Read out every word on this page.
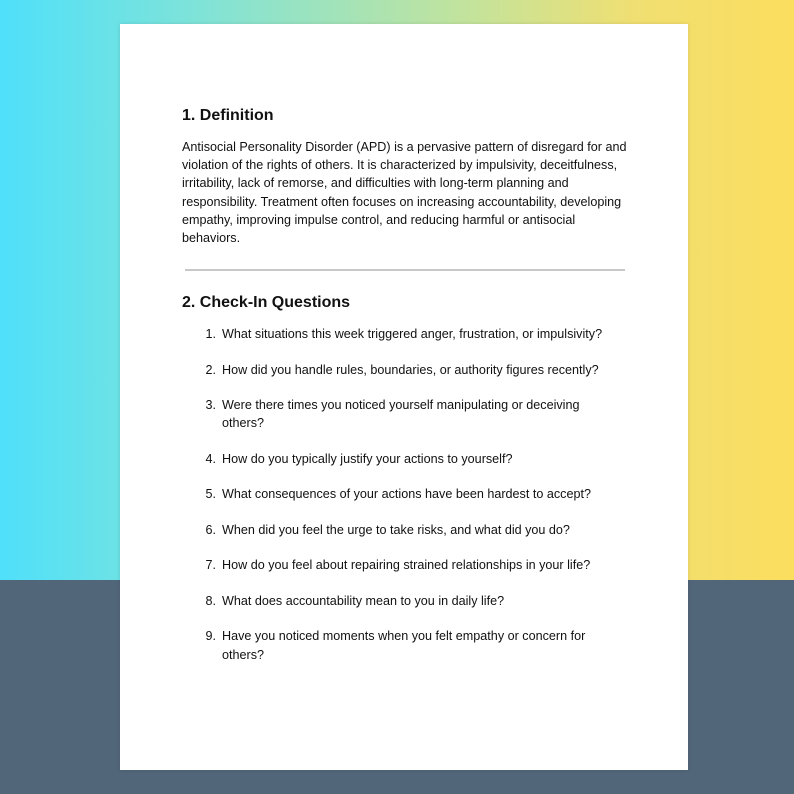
1. Definition

Antisocial Personality Disorder (APD) is a pervasive pattern of disregard for and violation of the rights of others. It is characterized by impulsivity, deceitfulness, irritability, lack of remorse, and difficulties with long-term planning and responsibility. Treatment often focuses on increasing accountability, developing empathy, improving impulse control, and reducing harmful or antisocial behaviors.

2. Check-In Questions
1. What situations this week triggered anger, frustration, or impulsivity?
2. How did you handle rules, boundaries, or authority figures recently?
3. Were there times you noticed yourself manipulating or deceiving others?
4. How do you typically justify your actions to yourself?
5. What consequences of your actions have been hardest to accept?
6. When did you feel the urge to take risks, and what did you do?
7. How do you feel about repairing strained relationships in your life?
8. What does accountability mean to you in daily life?
9. Have you noticed moments when you felt empathy or concern for others?
